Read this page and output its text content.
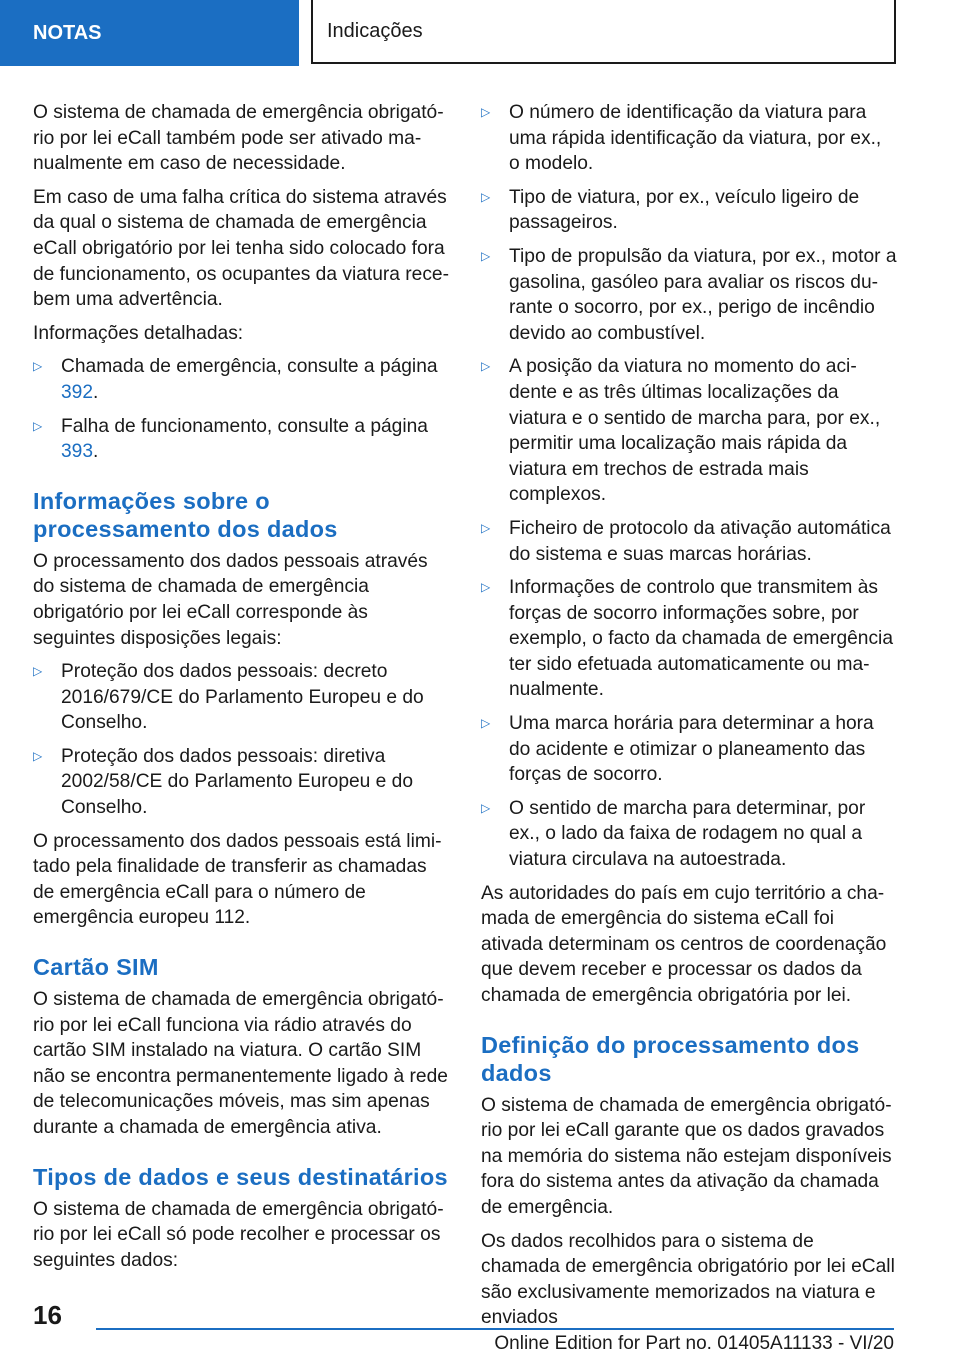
NOTAS	Indicações

O sistema de chamada de emergência obrigatório por lei eCall também pode ser ativado manualmente em caso de necessidade.

Em caso de uma falha crítica do sistema através da qual o sistema de chamada de emergência eCall obrigatório por lei tenha sido colocado fora de funcionamento, os ocupantes da viatura recebem uma advertência.

Informações detalhadas:

▷ Chamada de emergência, consulte a página 392.
▷ Falha de funcionamento, consulte a página 393.
Informações sobre o processamento dos dados

O processamento dos dados pessoais através do sistema de chamada de emergência obrigatório por lei eCall corresponde às seguintes disposições legais:

▷ Proteção dos dados pessoais: decreto 2016/679/CE do Parlamento Europeu e do Conselho.
▷ Proteção dos dados pessoais: diretiva 2002/58/CE do Parlamento Europeu e do Conselho.

O processamento dos dados pessoais está limitado pela finalidade de transferir as chamadas de emergência eCall para o número de emergência europeu 112.

Cartão SIM

O sistema de chamada de emergência obrigatório por lei eCall funciona via rádio através do cartão SIM instalado na viatura. O cartão SIM não se encontra permanentemente ligado à rede de telecomunicações móveis, mas sim apenas durante a chamada de emergência ativa.

Tipos de dados e seus destinatários

O sistema de chamada de emergência obrigatório por lei eCall só pode recolher e processar os seguintes dados:

▷ O número de identificação da viatura para uma rápida identificação da viatura, por ex., o modelo.
▷ Tipo de viatura, por ex., veículo ligeiro de passageiros.
▷ Tipo de propulsão da viatura, por ex., motor a gasolina, gasóleo para avaliar os riscos durante o socorro, por ex., perigo de incêndio devido ao combustível.
▷ A posição da viatura no momento do acidente e as três últimas localizações da viatura e o sentido de marcha para, por ex., permitir uma localização mais rápida da viatura em trechos de estrada mais complexos.
▷ Ficheiro de protocolo da ativação automática do sistema e suas marcas horárias.
▷ Informações de controlo que transmitem às forças de socorro informações sobre, por exemplo, o facto da chamada de emergência ter sido efetuada automaticamente ou manualmente.
▷ Uma marca horária para determinar a hora do acidente e otimizar o planeamento das forças de socorro.
▷ O sentido de marcha para determinar, por ex., o lado da faixa de rodagem no qual a viatura circulava na autoestrada.

As autoridades do país em cujo território a chamada de emergência do sistema eCall foi ativada determinam os centros de coordenação que devem receber e processar os dados da chamada de emergência obrigatória por lei.

Definição do processamento dos dados

O sistema de chamada de emergência obrigatório por lei eCall garante que os dados gravados na memória do sistema não estejam disponíveis fora do sistema antes da ativação da chamada de emergência.

Os dados recolhidos para o sistema de chamada de emergência obrigatório por lei eCall são exclusivamente memorizados na viatura e enviados

16
Online Edition for Part no. 01405A11133 - VI/20
